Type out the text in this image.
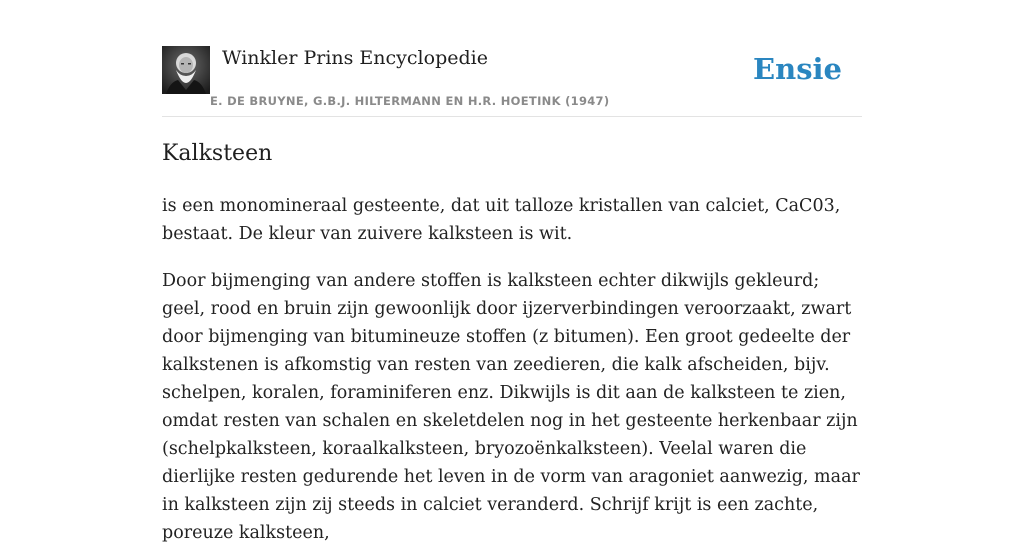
Winkler Prins Encyclopedie
E. DE BRUYNE, G.B.J. HILTERMANN EN H.R. HOETINK (1947)
Ensie
Kalksteen

is een monomineraal gesteente, dat uit talloze kristallen van calciet, CaC03, bestaat. De kleur van zuivere kalksteen is wit.

Door bijmenging van andere stoffen is kalksteen echter dikwijls gekleurd; geel, rood en bruin zijn gewoonlijk door ijzerverbindingen veroorzaakt, zwart door bijmenging van bitumineuze stoffen (z bitumen). Een groot gedeelte der kalkstenen is afkomstig van resten van zeedieren, die kalk afscheiden, bijv. schelpen, koralen, foraminiferen enz. Dikwijls is dit aan de kalksteen te zien, omdat resten van schalen en skeletdelen nog in het gesteente herkenbaar zijn (schelpkalksteen, koraalkalksteen, bryozoënkalksteen). Veelal waren die dierlijke resten gedurende het leven in de vorm van aragoniet aanwezig, maar in kalksteen zijn zij steeds in calciet veranderd. Schrijf krijt is een zachte, poreuze kalksteen,
